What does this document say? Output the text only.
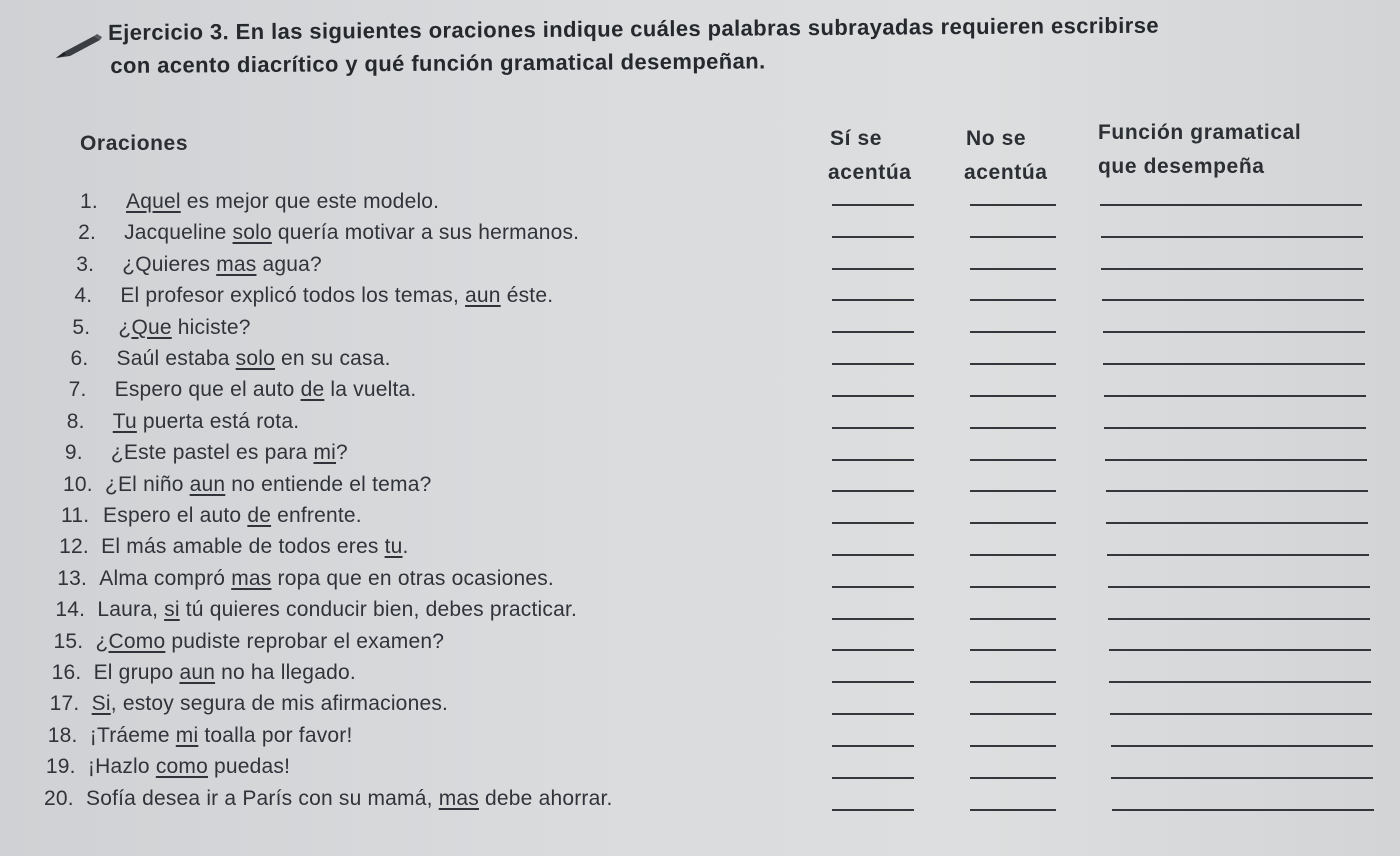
Ejercicio 3. En las siguientes oraciones indique cuáles palabras subrayadas requieren escribirse
con acento diacrítico y qué función gramatical desempeñan.
Oraciones	Sí se
acentúa
No se
acentúa
Función gramatical
que desempeña
1. Aquel es mejor que este modelo.
2. Jacqueline solo quería motivar a sus hermanos.
3. ¿Quieres mas agua?
4. El profesor explicó todos los temas, aun éste.
5. ¿Que hiciste?
6. Saúl estaba solo en su casa.
7. Espero que el auto de la vuelta.
8. Tu puerta está rota.
9. ¿Este pastel es para mi?
10. ¿El niño aun no entiende el tema?
11. Espero el auto de enfrente.
12. El más amable de todos eres tu.
13. Alma compró mas ropa que en otras ocasiones.
14. Laura, si tú quieres conducir bien, debes practicar.
15. ¿Como pudiste reprobar el examen?
16. El grupo aun no ha llegado.
17. Si, estoy segura de mis afirmaciones.
18. ¡Tráeme mi toalla por favor!
19. ¡Hazlo como puedas!
20. Sofía desea ir a París con su mamá, mas debe ahorrar.
